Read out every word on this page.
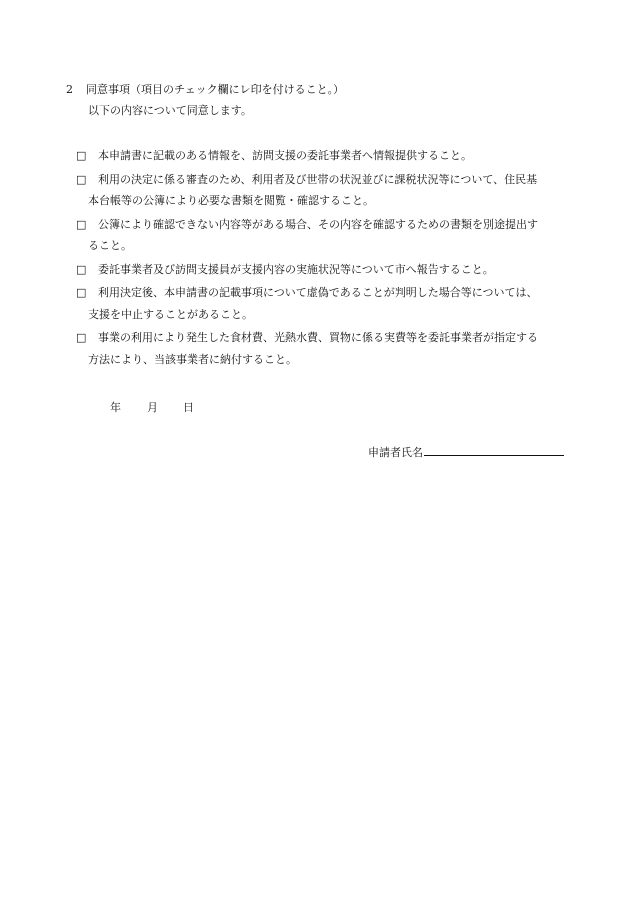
2 同意事項（項目のチェック欄にレ印を付けること。）
以下の内容について同意します。
□	本申請書に記載のある情報を、訪問支援の委託事業者へ情報提供すること。
□	利用の決定に係る審査のため、利用者及び世帯の状況並びに課税状況等について、住民基
本台帳等の公簿により必要な書類を閲覧・確認すること。
□	公簿により確認できない内容等がある場合、その内容を確認するための書類を別途提出す
ること。
□	委託事業者及び訪問支援員が支援内容の実施状況等について市へ報告すること。
□	利用決定後、本申請書の記載事項について虚偽であることが判明した場合等については、
支援を中止することがあること。
□	事業の利用により発生した食材費、光熱水費、買物に係る実費等を委託事業者が指定する
方法により、当該事業者に納付すること。
年 月 日
申請者氏名
